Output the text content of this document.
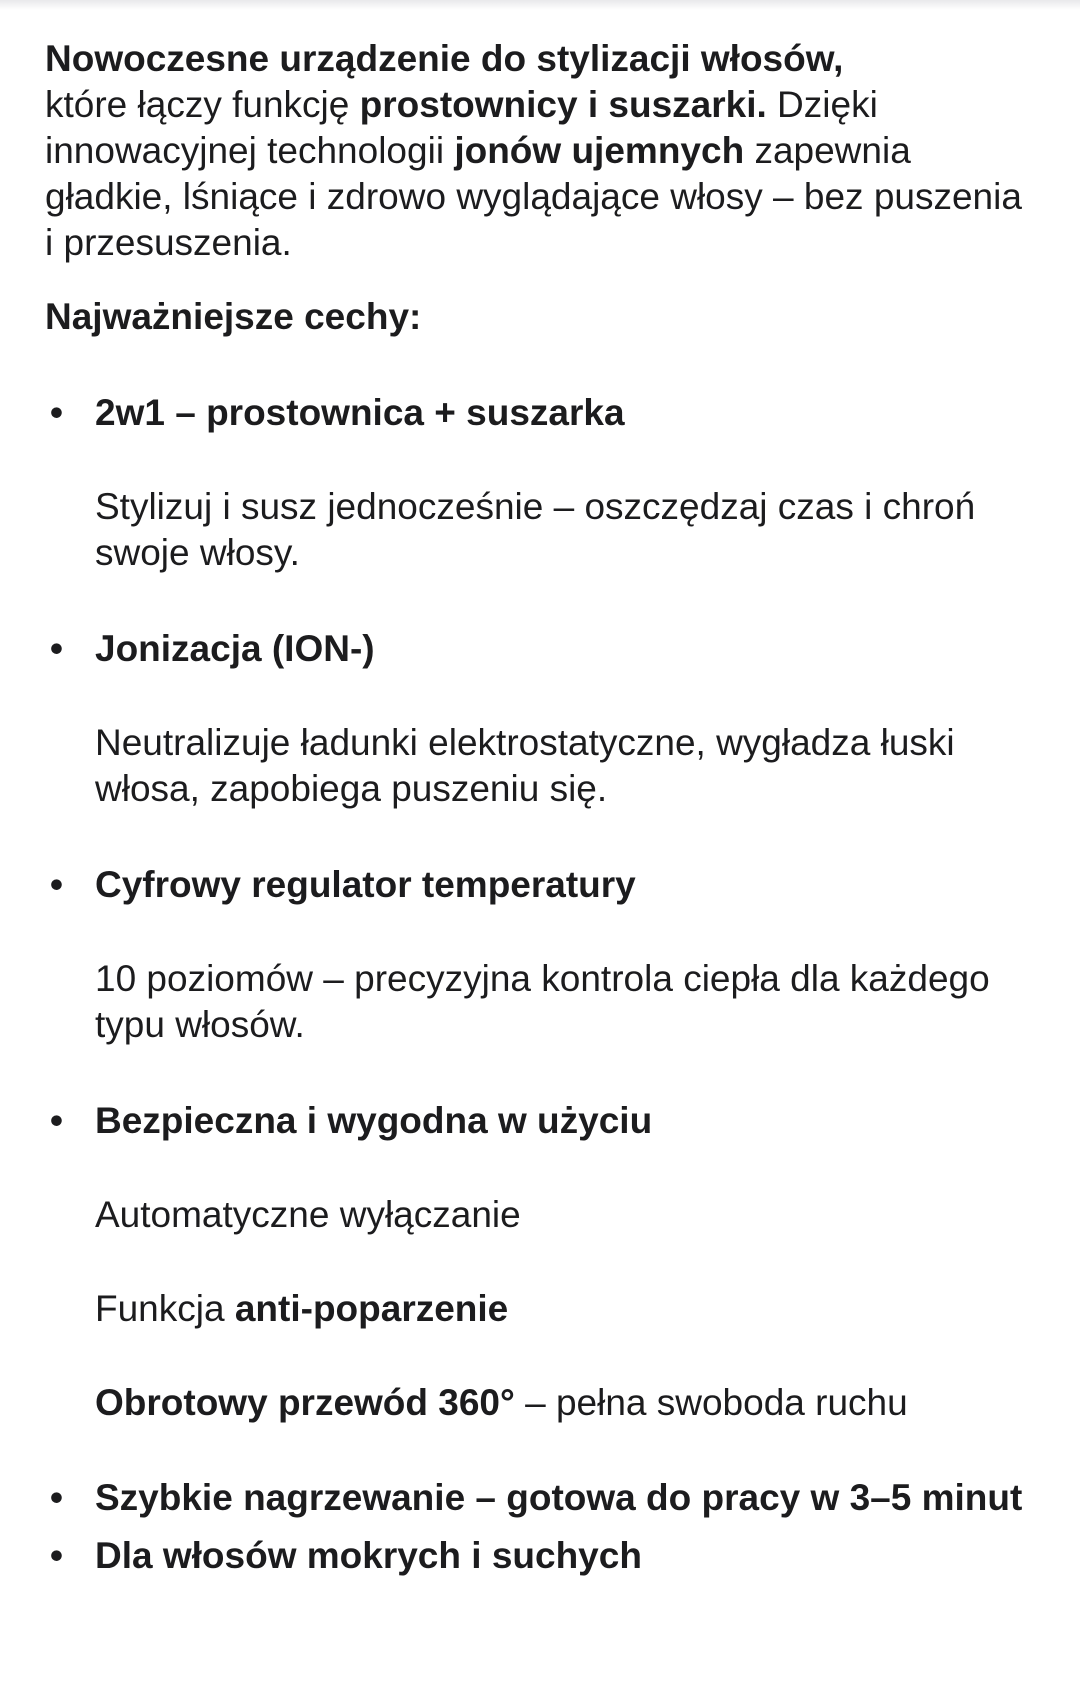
Nowoczesne urządzenie do stylizacji włosów,
które łączy funkcję prostownicy i suszarki. Dzięki innowacyjnej technologii jonów ujemnych zapewnia gładkie, lśniące i zdrowo wyglądające włosy – bez puszenia i przesuszenia.

Najważniejsze cechy:

• 2w1 – prostownica + suszarka

Stylizuj i susz jednocześnie – oszczędzaj czas i chroń swoje włosy.

• Jonizacja (ION-)

Neutralizuje ładunki elektrostatyczne, wygładza łuski włosa, zapobiega puszeniu się.

• Cyfrowy regulator temperatury

10 poziomów – precyzyjna kontrola ciepła dla każdego typu włosów.

• Bezpieczna i wygodna w użyciu

Automatyczne wyłączanie

Funkcja anti-poparzenie

Obrotowy przewód 360° – pełna swoboda ruchu

• Szybkie nagrzewanie – gotowa do pracy w 3–5 minut

• Dla włosów mokrych i suchych
